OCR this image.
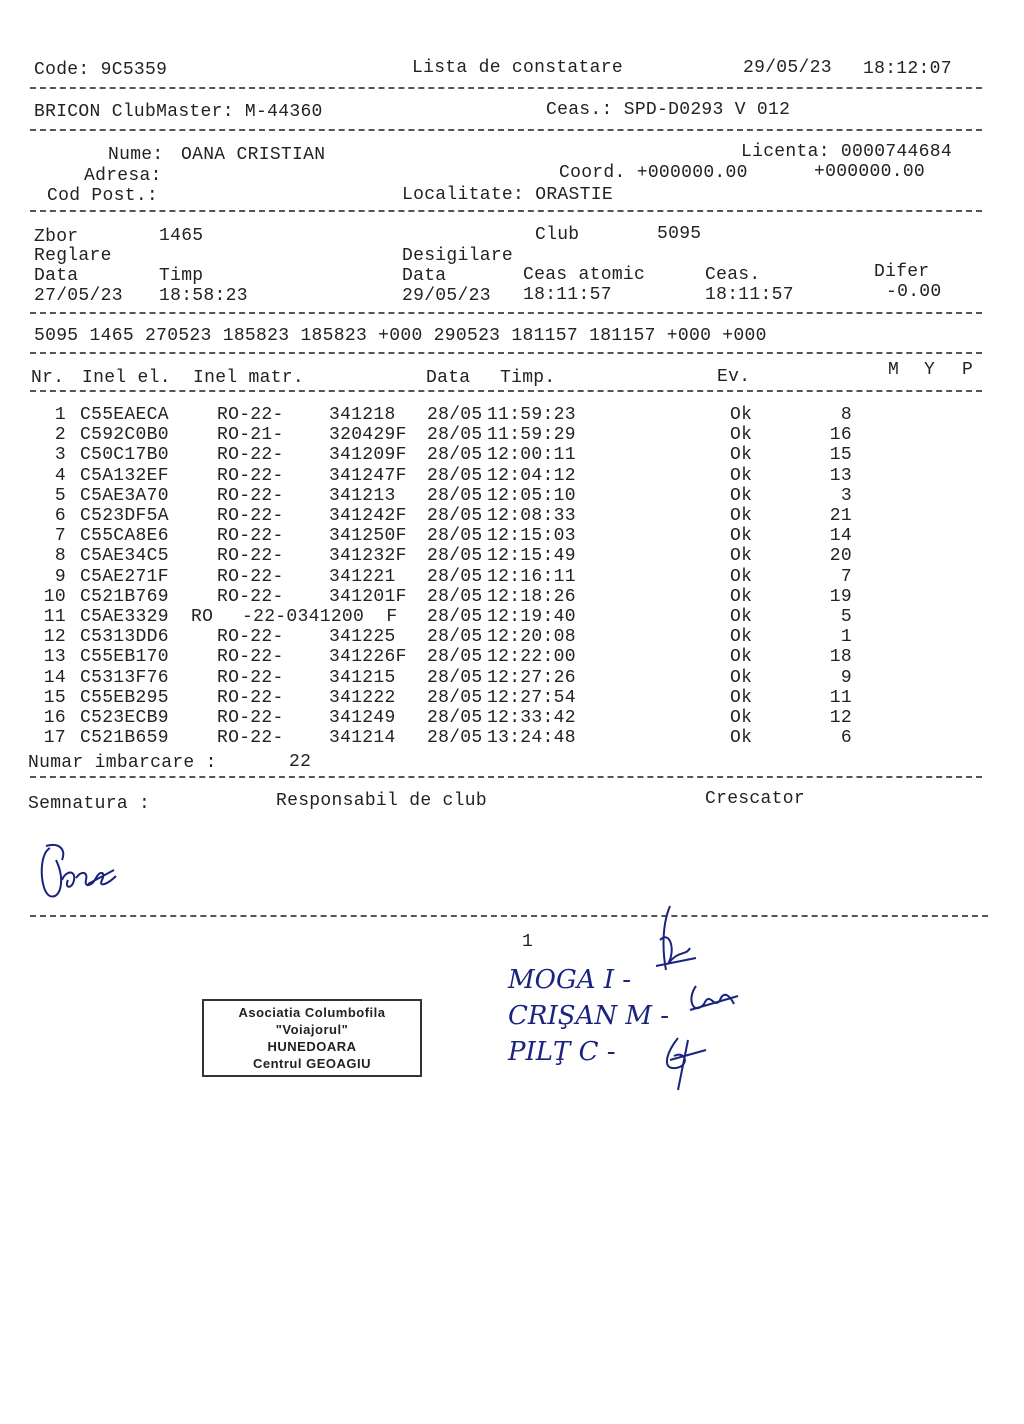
Code: 9C5359	Lista de constatare	29/05/23 18:12:07
BRICON ClubMaster: M-44360	Ceas.: SPD-D0293 V 012
Nume: OANA CRISTIAN	Licenta: 0000744684
Adresa:	Coord. +000000.00	+000000.00
Cod Post.:	Localitate: ORASTIE
Zbor	1465	Club	5095
Reglare	Desigilare
Data	Timp	Data	Ceas atomic	Ceas.	Difer
27/05/23 18:58:23	29/05/23 18:11:57	18:11:57	-0.00
5095 1465 270523 185823 185823 +000 290523 181157 181157 +000 +000
Nr. Inel el. Inel matr.	Data Timp.	Ev.	M Y P
1 C55EAECA	RO-22-	341218 28/05 11:59:23	Ok	8
2 C592C0B0	RO-21-	320429F 28/05 11:59:29	Ok	16
3 C50C17B0	RO-22-	341209F 28/05 12:00:11	Ok	15
4 C5A132EF	RO-22-	341247F 28/05 12:04:12	Ok	13
5 C5AE3A70	RO-22-	341213 28/05 12:05:10	Ok	3
6 C523DF5A	RO-22-	341242F 28/05 12:08:33	Ok	21
7 C55CA8E6	RO-22-	341250F 28/05 12:15:03	Ok	14
8 C5AE34C5	RO-22-	341232F 28/05 12:15:49	Ok	20
9 C5AE271F	RO-22-	341221 28/05 12:16:11	Ok	7
10 C521B769	RO-22-	341201F 28/05 12:18:26	Ok	19
11 C5AE3329 RO -22-0341200  F 28/05 12:19:40	Ok	5
12 C5313DD6	RO-22-	341225 28/05 12:20:08	Ok	1
13 C55EB170	RO-22-	341226F 28/05 12:22:00	Ok	18
14 C5313F76	RO-22-	341215 28/05 12:27:26	Ok	9
15 C55EB295	RO-22-	341222 28/05 12:27:54	Ok	11
16 C523ECB9	RO-22-	341249 28/05 12:33:42	Ok	12
17 C521B659	RO-22-	341214 28/05 13:24:48	Ok	6
Numar imbarcare :	22
Semnatura :	Responsabil de club	Crescator
1
Asociatia Columbofila
"Voiajorul"
HUNEDOARA
Centrul GEOAGIU
MOGA I -
CRIŞAN M -
PILŢ C -
